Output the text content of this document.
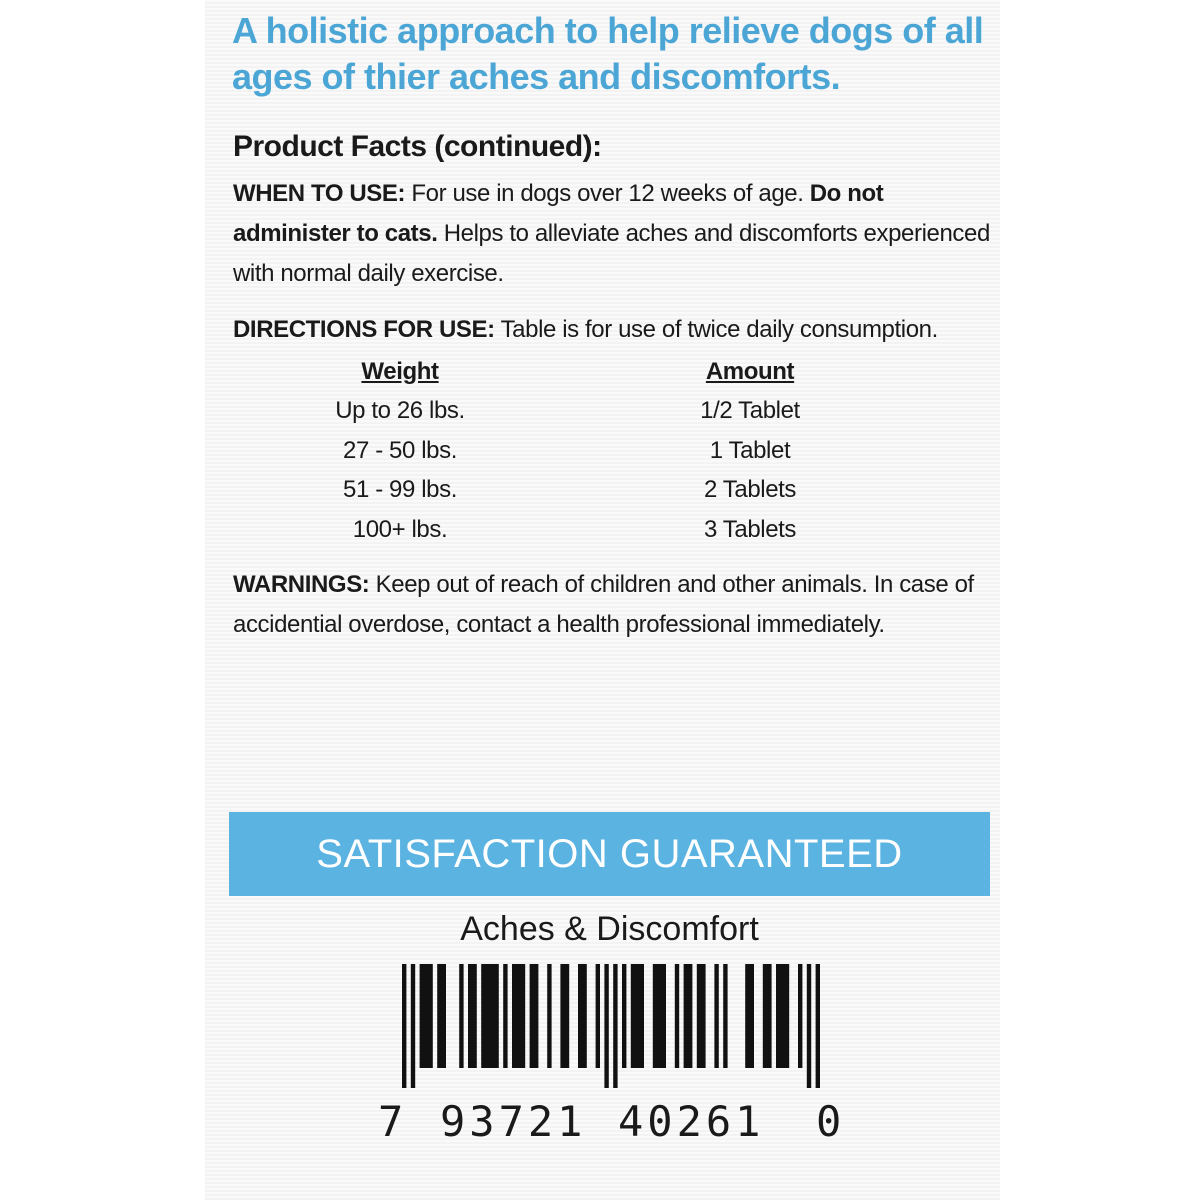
A holistic approach to help relieve dogs of all ages of thier aches and discomforts.
Product Facts (continued):
WHEN TO USE: For use in dogs over 12 weeks of age. Do not administer to cats. Helps to alleviate aches and discomforts experienced with normal daily exercise.
DIRECTIONS FOR USE: Table is for use of twice daily consumption.
Weight	Amount
Up to 26 lbs.	1/2 Tablet
27 - 50 lbs.	1 Tablet
51 - 99 lbs.	2 Tablets
100+ lbs.	3 Tablets
WARNINGS: Keep out of reach of children and other animals. In case of accidential overdose, contact a health professional immediately.
SATISFACTION GUARANTEED
Aches & Discomfort
7 93721 40261 0
